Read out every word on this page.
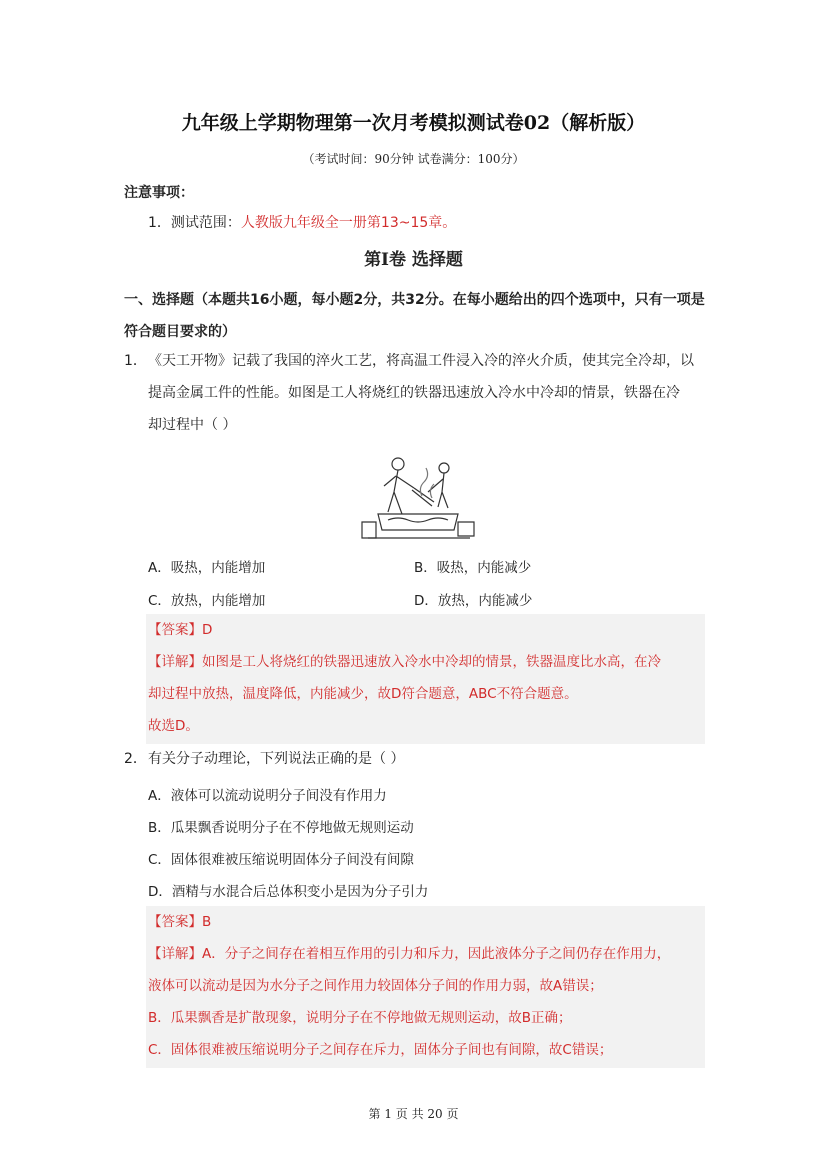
九年级上学期物理第一次月考模拟测试卷02（解析版）
（考试时间：90分钟 试卷满分：100分）
注意事项：
1．测试范围：人教版九年级全一册第13~15章。
第Ⅰ卷 选择题
一、选择题（本题共16小题，每小题2分，共32分。在每小题给出的四个选项中，只有一项是符合题目要求的）
1．《天工开物》记载了我国的淬火工艺，将高温工件浸入冷的淬火介质，使其完全冷却，以
提高金属工件的性能。如图是工人将烧红的铁器迅速放入冷水中冷却的情景，铁器在冷
却过程中（ ）
A．吸热，内能增加	B．吸热，内能减少
C．放热，内能增加	D．放热，内能减少
【答案】D
【详解】如图是工人将烧红的铁器迅速放入冷水中冷却的情景，铁器温度比水高，在冷
却过程中放热，温度降低，内能减少，故D符合题意，ABC不符合题意。
故选D。
2．有关分子动理论，下列说法正确的是（ ）
A．液体可以流动说明分子间没有作用力
B．瓜果飘香说明分子在不停地做无规则运动
C．固体很难被压缩说明固体分子间没有间隙
D．酒精与水混合后总体积变小是因为分子引力
【答案】B
【详解】A．分子之间存在着相互作用的引力和斥力，因此液体分子之间仍存在作用力，
液体可以流动是因为水分子之间作用力较固体分子间的作用力弱，故A错误；
B．瓜果飘香是扩散现象，说明分子在不停地做无规则运动，故B正确；
C．固体很难被压缩说明分子之间存在斥力，固体分子间也有间隙，故C错误；
第 1 页 共 20 页
